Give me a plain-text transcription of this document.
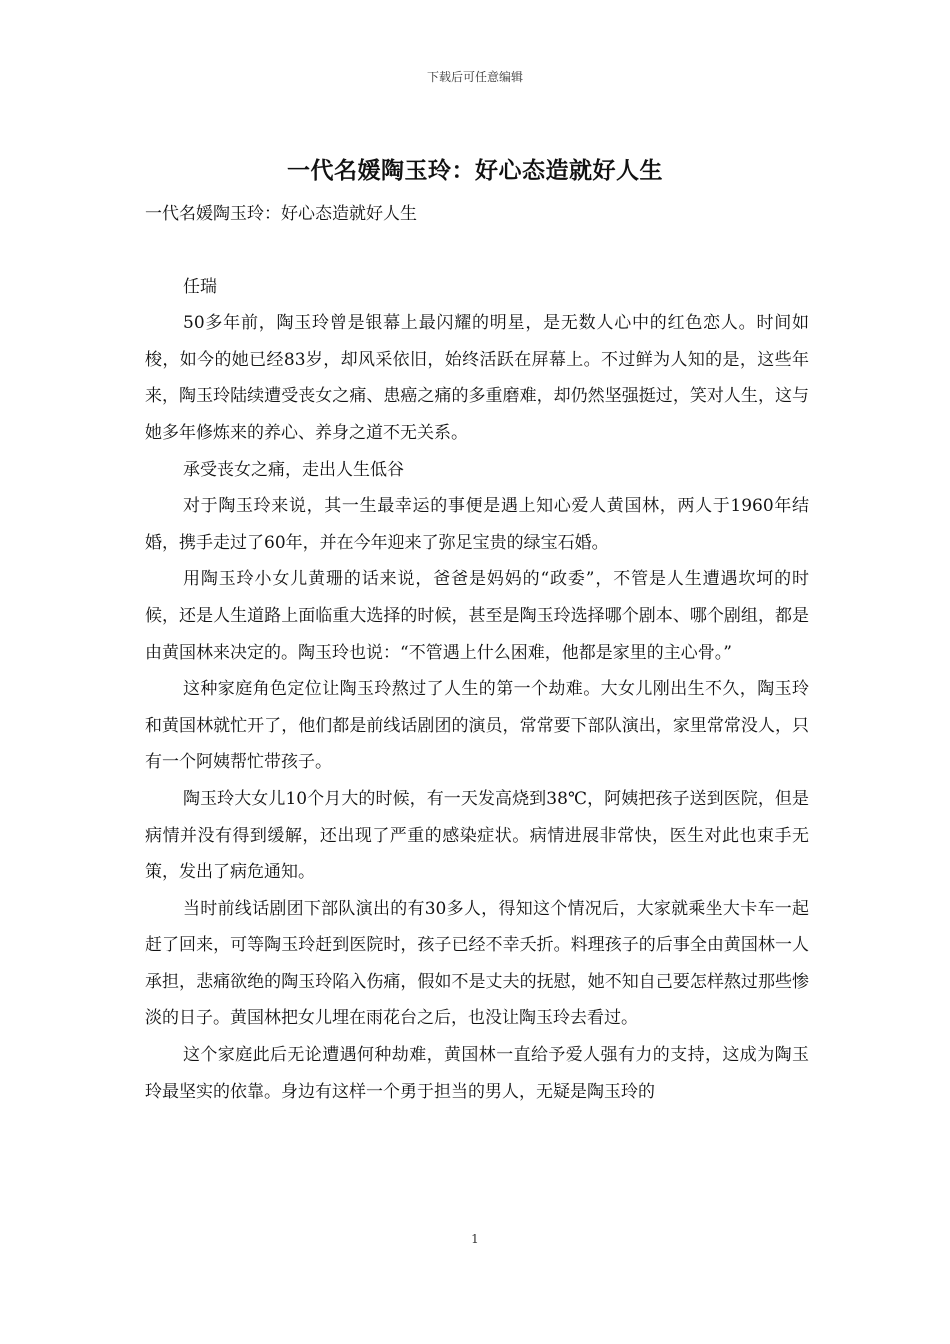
下载后可任意编辑
一代名媛陶玉玲：好心态造就好人生

一代名媛陶玉玲：好心态造就好人生

任瑞

50多年前，陶玉玲曾是银幕上最闪耀的明星，是无数人心中的红色恋人。时间如梭，如今的她已经83岁，却风采依旧，始终活跃在屏幕上。不过鲜为人知的是，这些年来，陶玉玲陆续遭受丧女之痛、患癌之痛的多重磨难，却仍然坚强挺过，笑对人生，这与她多年修炼来的养心、养身之道不无关系。

承受丧女之痛，走出人生低谷

对于陶玉玲来说，其一生最幸运的事便是遇上知心爱人黄国林，两人于1960年结婚，携手走过了60年，并在今年迎来了弥足宝贵的绿宝石婚。

用陶玉玲小女儿黄珊的话来说，爸爸是妈妈的“政委”，不管是人生遭遇坎坷的时候，还是人生道路上面临重大选择的时候，甚至是陶玉玲选择哪个剧本、哪个剧组，都是由黄国林来决定的。陶玉玲也说：“不管遇上什么困难，他都是家里的主心骨。”

这种家庭角色定位让陶玉玲熬过了人生的第一个劫难。大女儿刚出生不久，陶玉玲和黄国林就忙开了，他们都是前线话剧团的演员，常常要下部队演出，家里常常没人，只有一个阿姨帮忙带孩子。

陶玉玲大女儿10个月大的时候，有一天发高烧到38℃，阿姨把孩子送到医院，但是病情并没有得到缓解，还出现了严重的感染症状。病情进展非常快，医生对此也束手无策，发出了病危通知。

当时前线话剧团下部队演出的有30多人，得知这个情况后，大家就乘坐大卡车一起赶了回来，可等陶玉玲赶到医院时，孩子已经不幸夭折。料理孩子的后事全由黄国林一人承担，悲痛欲绝的陶玉玲陷入伤痛，假如不是丈夫的抚慰，她不知自己要怎样熬过那些惨淡的日子。黄国林把女儿埋在雨花台之后，也没让陶玉玲去看过。

这个家庭此后无论遭遇何种劫难，黄国林一直给予爱人强有力的支持，这成为陶玉玲最坚实的依靠。身边有这样一个勇于担当的男人，无疑是陶玉玲的

1
